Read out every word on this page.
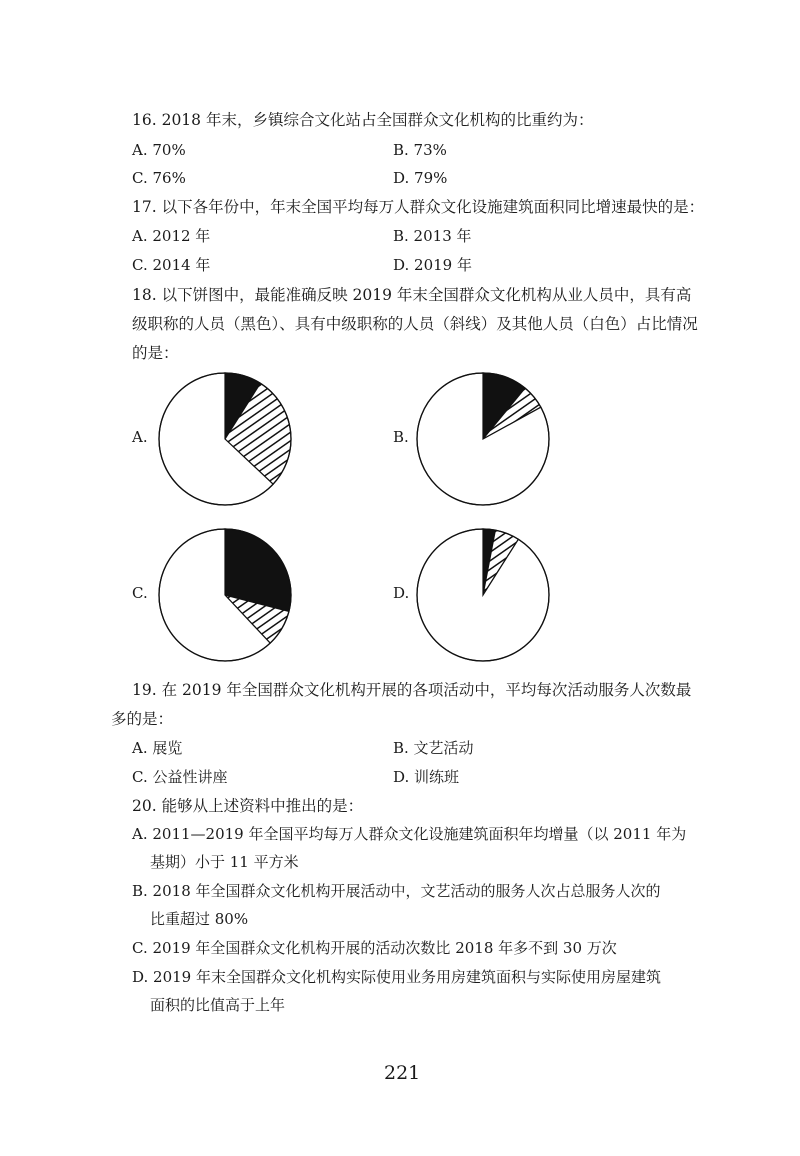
16. 2018 年末，乡镇综合文化站占全国群众文化机构的比重约为：
A. 70%	B. 73%
C. 76%	D. 79%
17. 以下各年份中，年末全国平均每万人群众文化设施建筑面积同比增速最快的是：
A. 2012 年	B. 2013 年
C. 2014 年	D. 2019 年
18. 以下饼图中，最能准确反映 2019 年末全国群众文化机构从业人员中，具有高
级职称的人员（黑色）、具有中级职称的人员（斜线）及其他人员（白色）占比情况
的是：
A.	B.
C.	D.
19. 在 2019 年全国群众文化机构开展的各项活动中，平均每次活动服务人次数最
多的是：
A. 展览	B. 文艺活动
C. 公益性讲座	D. 训练班
20. 能够从上述资料中推出的是：
A. 2011—2019 年全国平均每万人群众文化设施建筑面积年均增量（以 2011 年为
基期）小于 11 平方米
B. 2018 年全国群众文化机构开展活动中，文艺活动的服务人次占总服务人次的
比重超过 80%
C. 2019 年全国群众文化机构开展的活动次数比 2018 年多不到 30 万次
D. 2019 年末全国群众文化机构实际使用业务用房建筑面积与实际使用房屋建筑
面积的比值高于上年
221
